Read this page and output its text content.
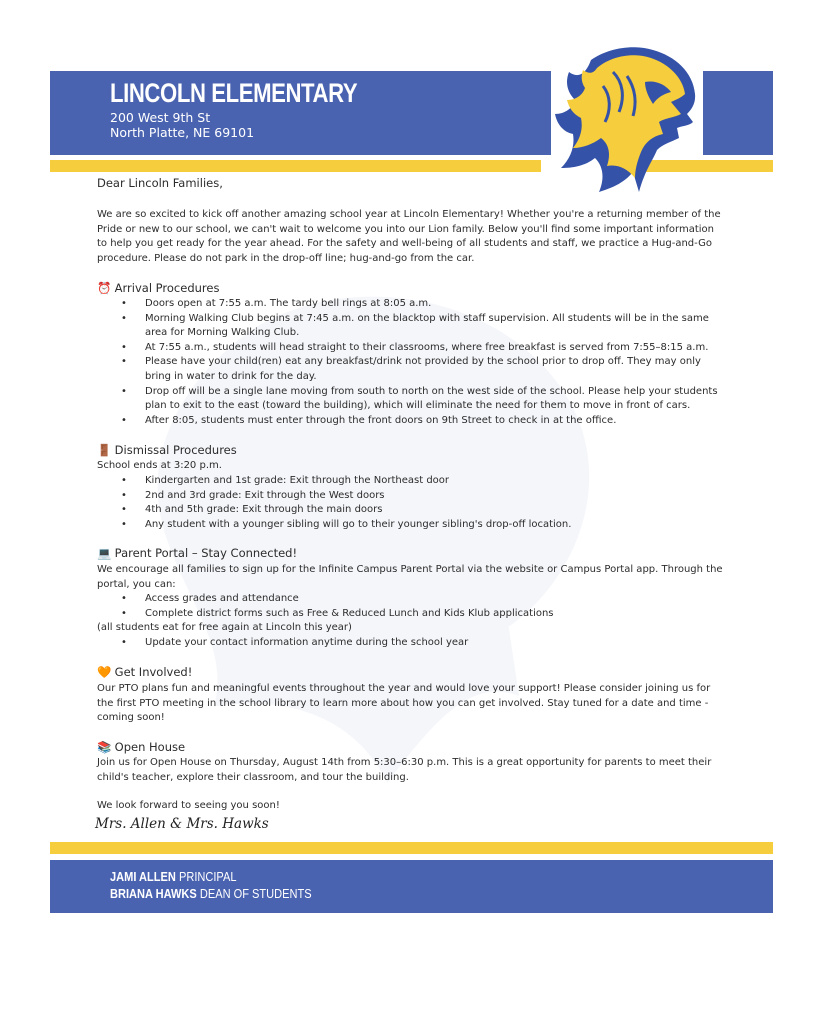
LINCOLN ELEMENTARY

200 West 9th St

North Platte, NE 69101

Dear Lincoln Families,

We are so excited to kick off another amazing school year at Lincoln Elementary! Whether you're a returning member of the Pride or new to our school, we can't wait to welcome you into our Lion family. Below you'll find some important information to help you get ready for the year ahead. For the safety and well-being of all students and staff, we practice a Hug-and-Go procedure. Please do not park in the drop-off line; hug-and-go from the car.

⏰ Arrival Procedures

• Doors open at 7:55 a.m. The tardy bell rings at 8:05 a.m.
• Morning Walking Club begins at 7:45 a.m. on the blacktop with staff supervision. All students will be in the same area for Morning Walking Club.
• At 7:55 a.m., students will head straight to their classrooms, where free breakfast is served from 7:55–8:15 a.m.
• Please have your child(ren) eat any breakfast/drink not provided by the school prior to drop off. They may only bring in water to drink for the day.
• Drop off will be a single lane moving from south to north on the west side of the school. Please help your students plan to exit to the east (toward the building), which will eliminate the need for them to move in front of cars.
• After 8:05, students must enter through the front doors on 9th Street to check in at the office.

🚪 Dismissal Procedures

School ends at 3:20 p.m.

• Kindergarten and 1st grade: Exit through the Northeast door
• 2nd and 3rd grade: Exit through the West doors
• 4th and 5th grade: Exit through the main doors
• Any student with a younger sibling will go to their younger sibling's drop-off location.

💻 Parent Portal – Stay Connected!

We encourage all families to sign up for the Infinite Campus Parent Portal via the website or Campus Portal app. Through the portal, you can:

• Access grades and attendance
• Complete district forms such as Free & Reduced Lunch and Kids Klub applications

(all students eat for free again at Lincoln this year)

• Update your contact information anytime during the school year

🧡 Get Involved!

Our PTO plans fun and meaningful events throughout the year and would love your support! Please consider joining us for the first PTO meeting in the school library to learn more about how you can get involved. Stay tuned for a date and time - coming soon!

📚 Open House

Join us for Open House on Thursday, August 14th from 5:30–6:30 p.m. This is a great opportunity for parents to meet their child's teacher, explore their classroom, and tour the building.

We look forward to seeing you soon!

Mrs. Allen & Mrs. Hawks

JAMI ALLEN PRINCIPAL

BRIANA HAWKS DEAN OF STUDENTS
